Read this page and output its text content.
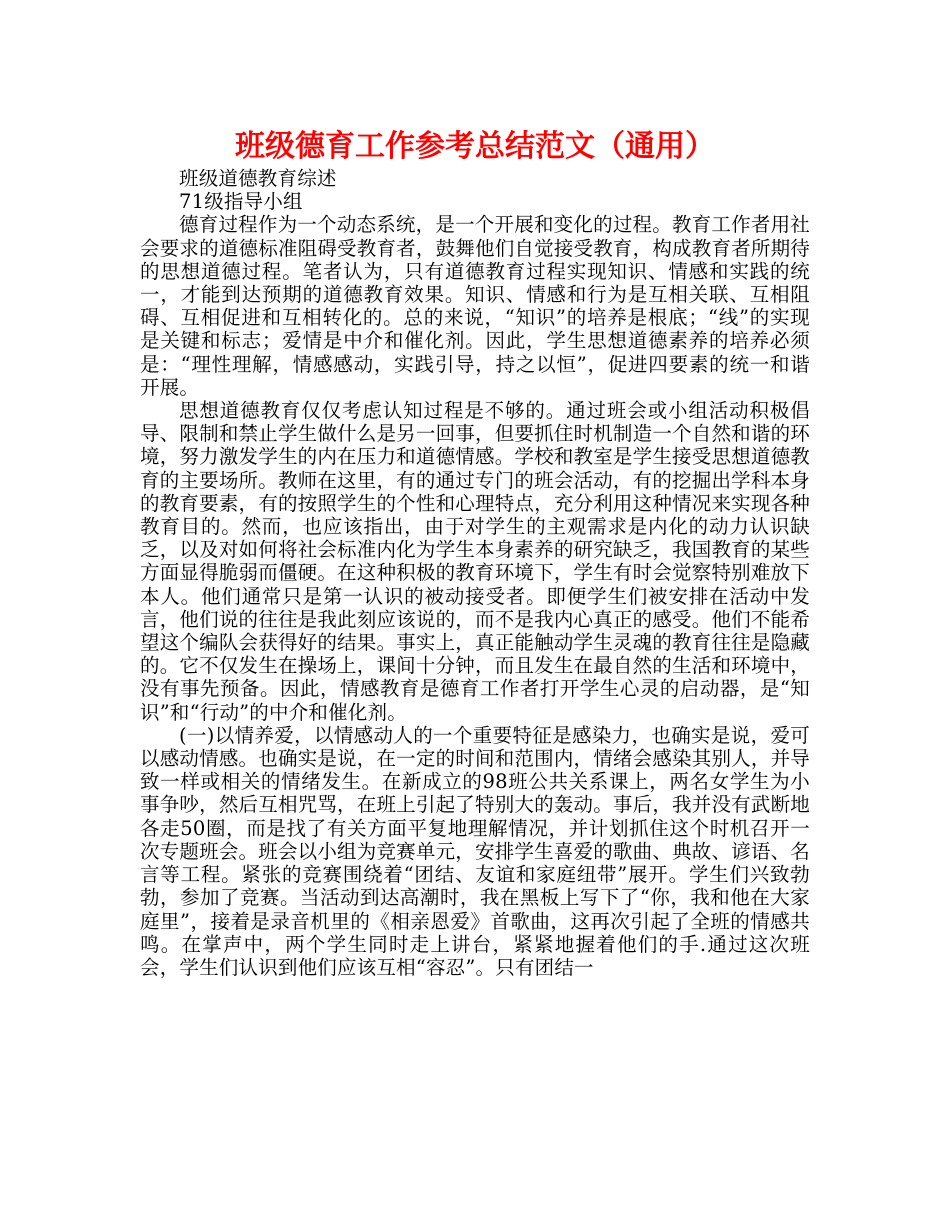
班级德育工作参考总结范文（通用）

班级道德教育综述

71级指导小组

德育过程作为一个动态系统，是一个开展和变化的过程。教育工作者用社会要求的道德标准阻碍受教育者，鼓舞他们自觉接受教育，构成教育者所期待的思想道德过程。笔者认为，只有道德教育过程实现知识、情感和实践的统一，才能到达预期的道德教育效果。知识、情感和行为是互相关联、互相阻碍、互相促进和互相转化的。总的来说，“知识”的培养是根底；“线”的实现是关键和标志；爱情是中介和催化剂。因此，学生思想道德素养的培养必须是：“理性理解，情感感动，实践引导，持之以恒”，促进四要素的统一和谐开展。

思想道德教育仅仅考虑认知过程是不够的。通过班会或小组活动积极倡导、限制和禁止学生做什么是另一回事，但要抓住时机制造一个自然和谐的环境，努力激发学生的内在压力和道德情感。学校和教室是学生接受思想道德教育的主要场所。教师在这里，有的通过专门的班会活动，有的挖掘出学科本身的教育要素，有的按照学生的个性和心理特点，充分利用这种情况来实现各种教育目的。然而，也应该指出，由于对学生的主观需求是内化的动力认识缺乏，以及对如何将社会标准内化为学生本身素养的研究缺乏，我国教育的某些方面显得脆弱而僵硬。在这种积极的教育环境下，学生有时会觉察特别难放下本人。他们通常只是第一认识的被动接受者。即便学生们被安排在活动中发言，他们说的往往是我此刻应该说的，而不是我内心真正的感受。他们不能希望这个编队会获得好的结果。事实上，真正能触动学生灵魂的教育往往是隐藏的。它不仅发生在操场上，课间十分钟，而且发生在最自然的生活和环境中，没有事先预备。因此，情感教育是德育工作者打开学生心灵的启动器，是“知识”和“行动”的中介和催化剂。

(一)以情养爱，以情感动人的一个重要特征是感染力，也确实是说，爱可以感动情感。也确实是说，在一定的时间和范围内，情绪会感染其别人，并导致一样或相关的情绪发生。在新成立的98班公共关系课上，两名女学生为小事争吵，然后互相咒骂，在班上引起了特别大的轰动。事后，我并没有武断地各走50圈，而是找了有关方面平复地理解情况，并计划抓住这个时机召开一次专题班会。班会以小组为竞赛单元，安排学生喜爱的歌曲、典故、谚语、名言等工程。紧张的竞赛围绕着“团结、友谊和家庭纽带”展开。学生们兴致勃勃，参加了竞赛。当活动到达高潮时，我在黑板上写下了“你，我和他在大家庭里”，接着是录音机里的《相亲恩爱》首歌曲，这再次引起了全班的情感共鸣。在掌声中，两个学生同时走上讲台，紧紧地握着他们的手.通过这次班会，学生们认识到他们应该互相“容忍”。只有团结一
